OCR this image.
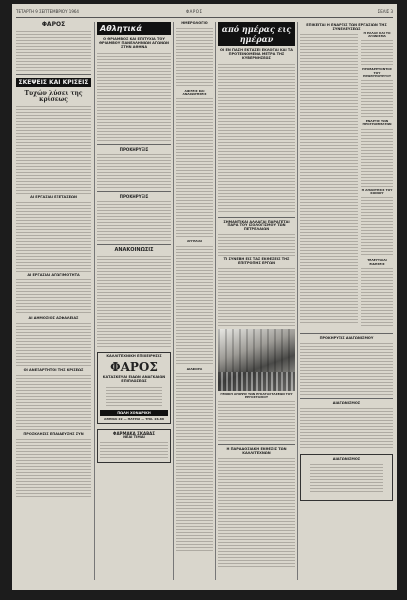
ΤΕΤΑΡΤΗ 9 ΣΕΠΤΕΜΒΡΙΟΥ 1964	ΦΑΡΟΣ	ΣΕΛΙΣ 3
ΦΑΡΟΣ
ΣΚΕΨΕΙΣ ΚΑΙ ΚΡΙΣΕΙΣ
Τυχών λύσει της κρίσεως
ΑΙ ΕΡΓΑΣΙΑΙ ΕΞΕΤΑΣΕΩΝ
ΑΙ ΕΡΓΑΣΙΑΙ ΑΓΩΓΙΜΟΤΗΤΑ
ΑΙ ΔΗΜΟΣΙΟΣ ΑΣΦΑΛΕΙΑΣ
ΟΙ ΑΝΕΞΑΡΤΗΤΟΙ ΤΗΣ ΚΡΙΣΕΩΣ
ΠΡΟΣΚΛΗΣΙΣ ΕΠΑΙΔΕΥΣΗΣ ΣΥΝ
Αθλητικά
Ο ΘΡΙΑΜΒΟΣ ΚΑΙ ΕΠΙΤΥΧΙΑ ΤΟΥ ΘΡΙΑΜΒΟΥ ΠΑΝΕΛΛΗΝΙΩΝ ΑΓΩΝΩΝ ΣΤΗΝ ΑΘΗΝΑ
ΠΡΟΚΗΡΥΞΙΣ
ΠΡΟΚΗΡΥΞΙΣ
ΑΝΑΚΟΙΝΩΣΙΣ
ΚΑΛΛΙΤΕΧΝΙΚΗ ΕΠΙΧΕΙΡΗΣΙΣ
ΦΑΡΟΣ
ΚΑΤΑΣΚΕΥΑΙ ΕΙΔΩΝ ΑΝΑΓΚΑΙΩΝ ΕΠΙΠΛΩΣΕΩΣ
ΠΩΛΗ ΧΟΝΔΡΙΚΗ
ΑΘΗΝΑΙ 22 — ΠΑΤΡΑΙ — ΤΗΛ. 26-88
ΦΑΡΜΑΚΑ ΣΚΑΒΑΣ
ΝΕΑΙ ΤΙΜΑΙ
ΗΜΕΡΟΛΟΓΙΟ
ΑΦΙΞΕΙΣ ΚΑΙ ΑΝΑΧΩΡΗΣΕΙΣ
ΑΓΓΕΛΙΑΙ
ΔΙΑΦΟΡΑ
από ημέρας εις ημέραν
ΟΙ ΕΝ ΠΑΣΗ ΕΚΤΑΣΕΙ ΕΚΛΟΓΑΙ ΚΑΙ ΤΑ ΠΡΟΤΕΙΝΟΜΕΝΑ ΜΕΤΡΑ ΤΗΣ ΚΥΒΕΡΝΗΣΕΩΣ
ΣΗΜΑΝΤΙΚΑΙ ΑΛΛΑΓΑΙ ΠΑΡΑΓΕΤΑΙ ΠΑΡΑ ΤΟΥ ΙΣΟΛΟΓΙΣΜΟΥ ΤΩΝ ΠΕΤΡΕΛΑΙΩΝ
ΤΙ ΣΥΝΕΒΗ ΕΙΣ ΤΑΣ ΕΚΘΕΣΕΙΣ ΤΗΣ ΕΠΙΤΡΟΠΗΣ ΕΡΓΩΝ
ΓΕΝΙΚΗ ΑΠΟΨΙΣ ΤΩΝ ΕΓΚΑΤΑΣΤΑΣΕΩΝ ΤΟΥ ΕΡΓΟΣΤΑΣΙΟΥ
Η ΠΑΡΑΔΟΣΙΑΚΗ ΕΚΘΕΣΙΣ ΤΩΝ ΚΑΛΛΙΤΕΧΝΩΝ
ΕΠΙΚΕΙΤΑΙ Η ΕΝΑΡΞΙΣ ΤΩΝ ΕΡΓΑΣΙΩΝ ΤΗΣ ΣΥΝΕΛΕΥΣΕΩΣ
Η ΕΛΛΑΣ ΚΑΙ ΤΟ ΑΓΩΝΙΣΜΑ
ΠΡΟΕΔΡΕΥΟΝΤΟΣ ΤΟΥ ΠΡΩΘΥΠΟΥΡΓΟΥ
ΕΝΑΡΞΙΣ ΤΩΝ ΠΡΟΓΡΑΜΜΑΤΩΝ
Η ΑΠΑΝΤΗΣΙΣ ΤΟΥ ΚΟΙΝΟΥ
ΤΕΛΕΥΤΑΙΑΙ ΕΙΔΗΣΕΙΣ
ΠΡΟΚΗΡΥΞΙΣ ΔΙΑΓΩΝΙΣΜΟΥ
ΔΙΑΓΩΝΙΣΜΟΣ
ΔΙΑΓΩΝΙΣΜΟΣ
